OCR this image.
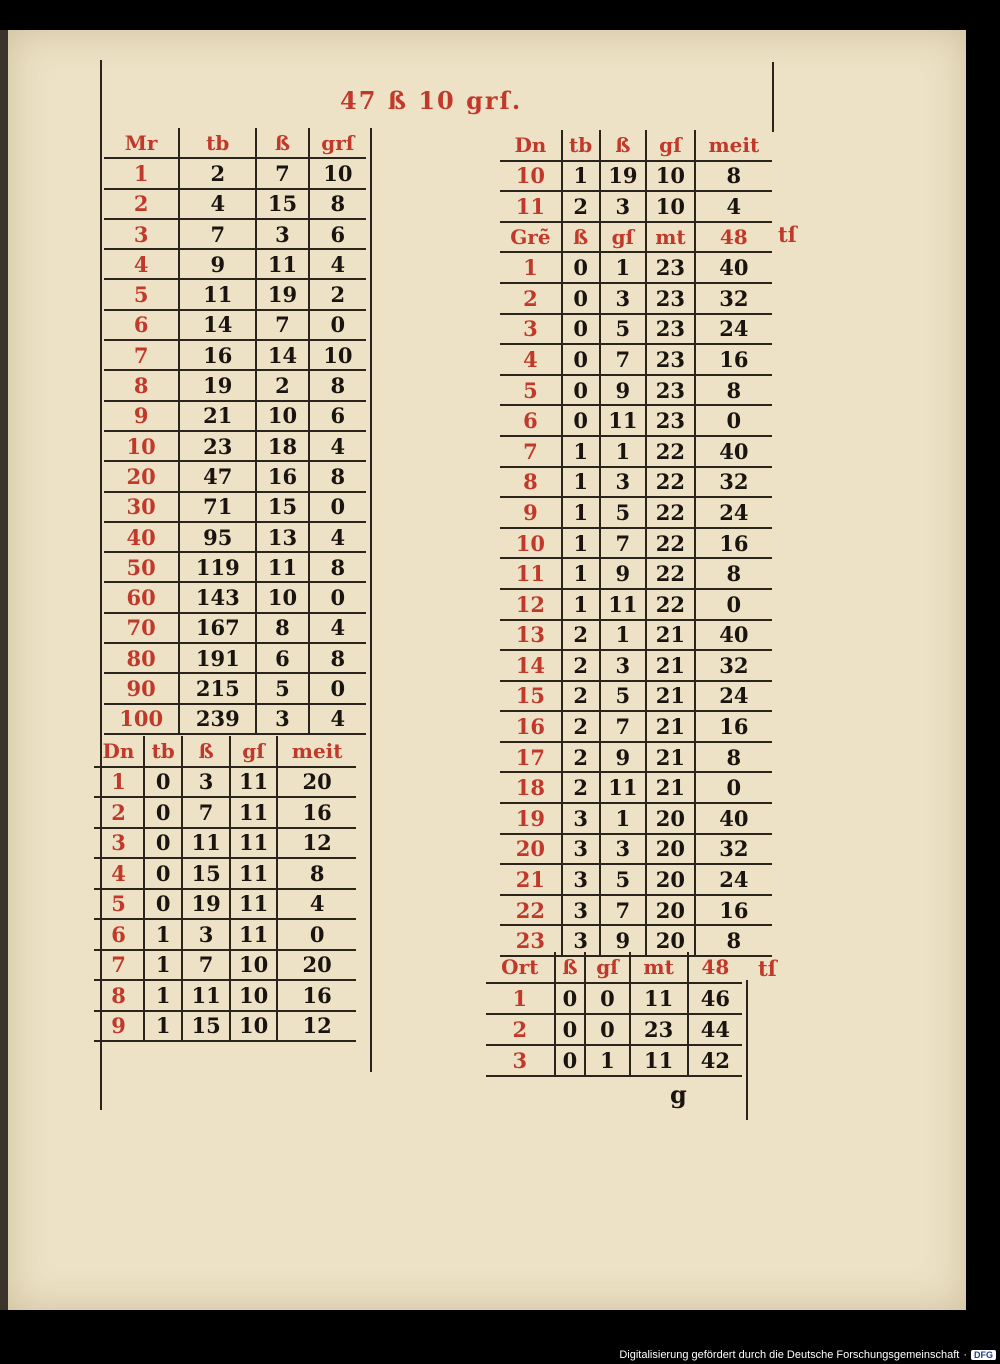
47 ß 10 grſ.
Mr	tb	ß	grſ
1	2	7	10
2	4	15	8
3	7	3	6
4	9	11	4
5	11	19	2
6	14	7	0
7	16	14	10
8	19	2	8
9	21	10	6
10	23	18	4
20	47	16	8
30	71	15	0
40	95	13	4
50	119	11	8
60	143	10	0
70	167	8	4
80	191	6	8
90	215	5	0
100	239	3	4
Dn	tb	ß	gſ	meit
1	0	3	11	20
2	0	7	11	16
3	0	11	11	12
4	0	15	11	8
5	0	19	11	4
6	1	3	11	0
7	1	7	10	20
8	1	11	10	16
9	1	15	10	12
Dn	tb	ß	gſ	meit
10	1	19	10	8
11	2	3	10	4
Grẽ	ß	gſ	mt	48
1	0	1	23	40
2	0	3	23	32
3	0	5	23	24
4	0	7	23	16
5	0	9	23	8
6	0	11	23	0
7	1	1	22	40
8	1	3	22	32
9	1	5	22	24
10	1	7	22	16
11	1	9	22	8
12	1	11	22	0
13	2	1	21	40
14	2	3	21	32
15	2	5	21	24
16	2	7	21	16
17	2	9	21	8
18	2	11	21	0
19	3	1	20	40
20	3	3	20	32
21	3	5	20	24
22	3	7	20	16
23	3	9	20	8
tſ
Ort	ß	gſ	mt	48
1	0	0	11	46
2	0	0	23	44
3	0	1	11	42
tſ
g
Digitalisierung gefördert durch die Deutsche Forschungsgemeinschaft · DFG
